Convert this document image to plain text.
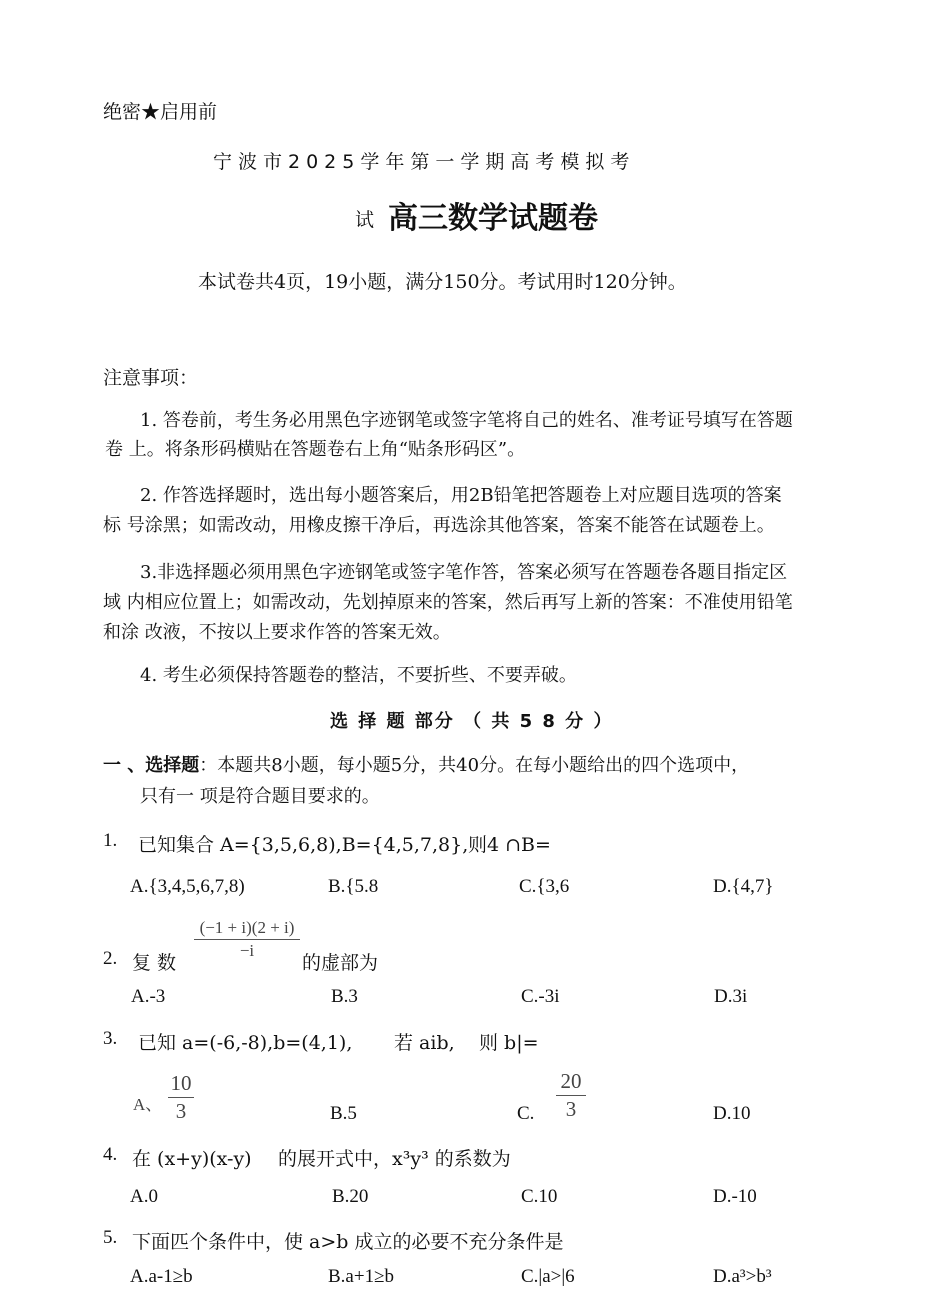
绝密★启用前
宁波市2025学年第一学期高考模拟考
试 高三数学试题卷
本试卷共4页，19小题，满分150分。考试用时120分钟。
注意事项：
1. 答卷前，考生务必用黑色字迹钢笔或签字笔将自己的姓名、准考证号填写在答题
卷 上。将条形码横贴在答题卷右上角“贴条形码区”。
2. 作答选择题时，选出每小题答案后，用2B铅笔把答题卷上对应题目选项的答案
标 号涂黑；如需改动，用橡皮擦干净后，再选涂其他答案，答案不能答在试题卷上。
3.非选择题必须用黑色字迹钢笔或签字笔作答，答案必须写在答题卷各题目指定区
域 内相应位置上；如需改动，先划掉原来的答案，然后再写上新的答案：不准使用铅笔
和涂 改液，不按以上要求作答的答案无效。
4. 考生必须保持答题卷的整洁，不要折些、不要弄破。
选 择 题 部分 （ 共 5 8 分 ）
一 、选择题：本题共8小题，每小题5分，共40分。在每小题给出的四个选项中，
只有一 项是符合题目要求的。
1. 已知集合 A={3,5,6,8),B={4,5,7,8}, 则4 ∩B=
A.{3,4,5,6,7,8)	B.{5.8	C.{3,6	D.{4,7}
2. 复 数
(−1 + i)(2 + i)
−i
的虚部为
A.-3	B.3	C.-3i	D.3i
3. 已知 a=(-6,-8),b=(4,1), 若 aib, 则 b|=
A、
10
3	B.5	C.
20
3	D.10
4. 在 (x+y)(x-y) 的展开式中，x³y³ 的系数为
A.0	B.20	C.10	D.-10
5. 下面匹个条件中，使 a>b 成立的必要不充分条件是
A.a-1≥b	B.a+1≥b	C.|a>|6	D.a³>b³
